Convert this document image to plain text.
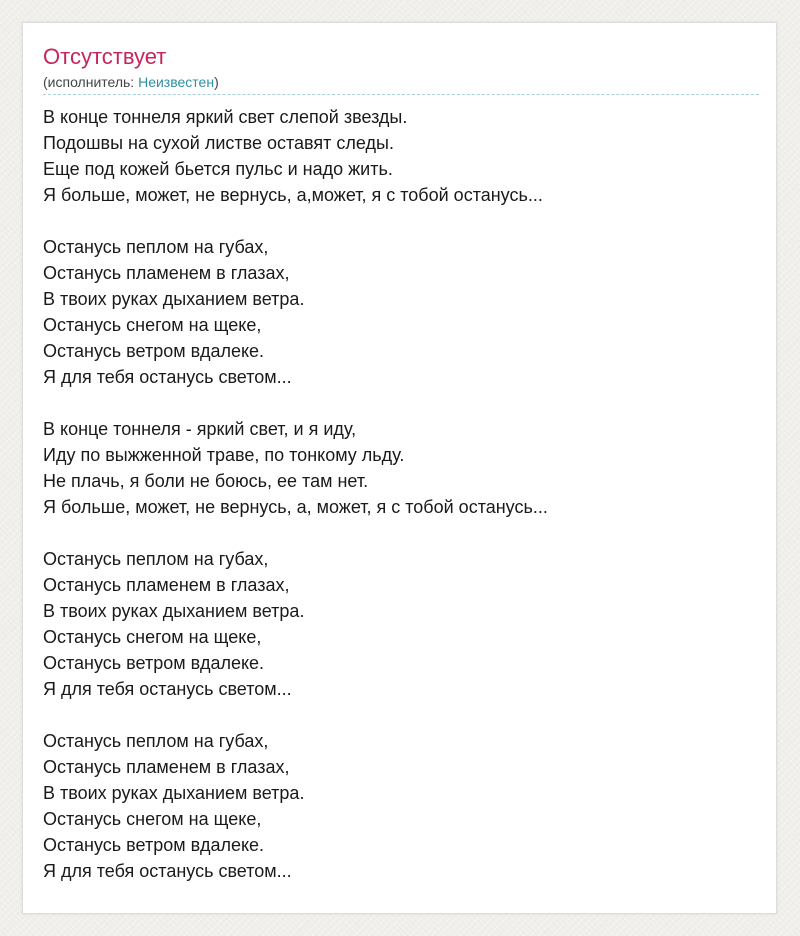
Отсутствует
(исполнитель: Неизвестен)
В конце тоннеля яркий свет слепой звезды.
Подошвы на сухой листве оставят следы.
Еще под кожей бьется пульс и надо жить.
Я больше, может, не вернусь, а,может, я с тобой останусь...
Останусь пеплом на губах,
Останусь пламенем в глазах,
В твоих руках дыханием ветра.
Останусь снегом на щеке,
Останусь ветром вдалеке.
Я для тебя останусь светом...
В конце тоннеля - яркий свет, и я иду,
Иду по выжженной траве, по тонкому льду.
Не плачь, я боли не боюсь, ее там нет.
Я больше, может, не вернусь, а, может, я с тобой останусь...
Останусь пеплом на губах,
Останусь пламенем в глазах,
В твоих руках дыханием ветра.
Останусь снегом на щеке,
Останусь ветром вдалеке.
Я для тебя останусь светом...
Останусь пеплом на губах,
Останусь пламенем в глазах,
В твоих руках дыханием ветра.
Останусь снегом на щеке,
Останусь ветром вдалеке.
Я для тебя останусь светом...
